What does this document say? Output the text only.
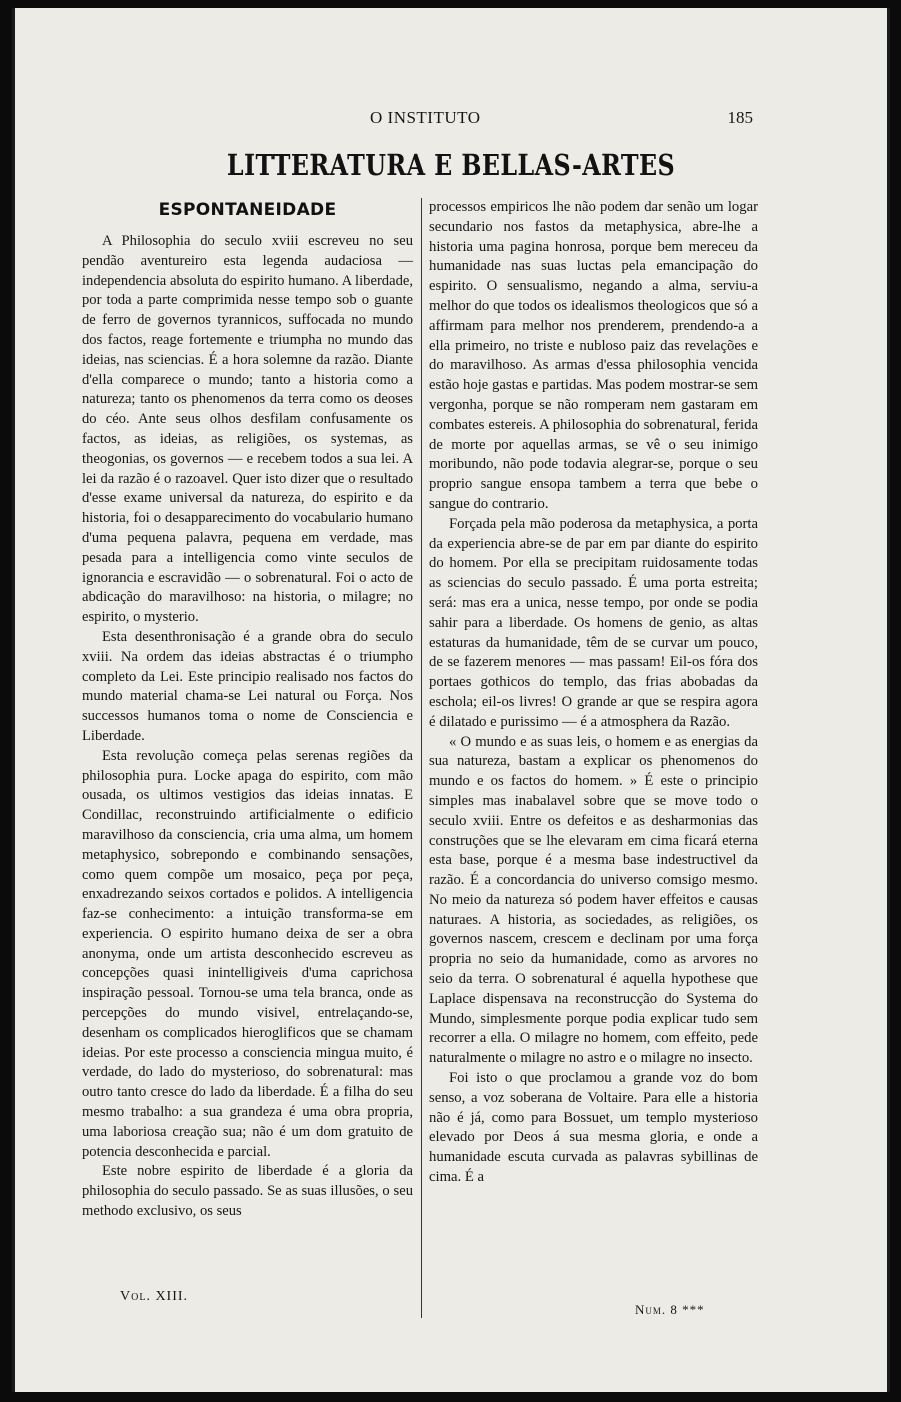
O INSTITUTO	185
LITTERATURA E BELLAS-ARTES
ESPONTANEIDADE

A Philosophia do seculo xviii escreveu no seu pendão aventureiro esta legenda audaciosa — independencia absoluta do espirito humano. A liberdade, por toda a parte comprimida nesse tempo sob o guante de ferro de governos tyrannicos, suffocada no mundo dos factos, reage fortemente e triumpha no mundo das ideias, nas sciencias. É a hora solemne da razão. Diante d'ella comparece o mundo; tanto a historia como a natureza; tanto os phenomenos da terra como os deoses do céo. Ante seus olhos desfilam confusamente os factos, as ideias, as religiões, os systemas, as theogonias, os governos — e recebem todos a sua lei. A lei da razão é o razoavel. Quer isto dizer que o resultado d'esse exame universal da natureza, do espirito e da historia, foi o desapparecimento do vocabulario humano d'uma pequena palavra, pequena em verdade, mas pesada para a intelligencia como vinte seculos de ignorancia e escravidão — o sobrenatural. Foi o acto de abdicação do maravilhoso: na historia, o milagre; no espirito, o mysterio.

Esta desenthronisação é a grande obra do seculo xviii. Na ordem das ideias abstractas é o triumpho completo da Lei. Este principio realisado nos factos do mundo material chama-se Lei natural ou Força. Nos successos humanos toma o nome de Consciencia e Liberdade.

Esta revolução começa pelas serenas regiões da philosophia pura. Locke apaga do espirito, com mão ousada, os ultimos vestigios das ideias innatas. E Condillac, reconstruindo artificialmente o edificio maravilhoso da consciencia, cria uma alma, um homem metaphysico, sobrepondo e combinando sensações, como quem compõe um mosaico, peça por peça, enxadrezando seixos cortados e polidos. A intelligencia faz-se conhecimento: a intuição transforma-se em experiencia. O espirito humano deixa de ser a obra anonyma, onde um artista desconhecido escreveu as concepções quasi inintelligiveis d'uma caprichosa inspiração pessoal. Tornou-se uma tela branca, onde as percepções do mundo visivel, entrelaçando-se, desenham os complicados hieroglificos que se chamam ideias. Por este processo a consciencia mingua muito, é verdade, do lado do mysterioso, do sobrenatural: mas outro tanto cresce do lado da liberdade. É a filha do seu mesmo trabalho: a sua grandeza é uma obra propria, uma laboriosa creação sua; não é um dom gratuito de potencia desconhecida e parcial.

Este nobre espirito de liberdade é a gloria da philosophia do seculo passado. Se as suas illusões, o seu methodo exclusivo, os seus

processos empiricos lhe não podem dar senão um logar secundario nos fastos da metaphysica, abre-lhe a historia uma pagina honrosa, porque bem mereceu da humanidade nas suas luctas pela emancipação do espirito. O sensualismo, negando a alma, serviu-a melhor do que todos os idealismos theologicos que só a affirmam para melhor nos prenderem, prendendo-a a ella primeiro, no triste e nubloso paiz das revelações e do maravilhoso. As armas d'essa philosophia vencida estão hoje gastas e partidas. Mas podem mostrar-se sem vergonha, porque se não romperam nem gastaram em combates estereis. A philosophia do sobrenatural, ferida de morte por aquellas armas, se vê o seu inimigo moribundo, não pode todavia alegrar-se, porque o seu proprio sangue ensopa tambem a terra que bebe o sangue do contrario.

Forçada pela mão poderosa da metaphysica, a porta da experiencia abre-se de par em par diante do espirito do homem. Por ella se precipitam ruidosamente todas as sciencias do seculo passado. É uma porta estreita; será: mas era a unica, nesse tempo, por onde se podia sahir para a liberdade. Os homens de genio, as altas estaturas da humanidade, têm de se curvar um pouco, de se fazerem menores — mas passam! Eil-os fóra dos portaes gothicos do templo, das frias abobadas da eschola; eil-os livres! O grande ar que se respira agora é dilatado e purissimo — é a atmosphera da Razão.

« O mundo e as suas leis, o homem e as energias da sua natureza, bastam a explicar os phenomenos do mundo e os factos do homem. » É este o principio simples mas inabalavel sobre que se move todo o seculo xviii. Entre os defeitos e as desharmonias das construções que se lhe elevaram em cima ficará eterna esta base, porque é a mesma base indestructivel da razão. É a concordancia do universo comsigo mesmo. No meio da natureza só podem haver effeitos e causas naturaes. A historia, as sociedades, as religiões, os governos nascem, crescem e declinam por uma força propria no seio da humanidade, como as arvores no seio da terra. O sobrenatural é aquella hypothese que Laplace dispensava na reconstrucção do Systema do Mundo, simplesmente porque podia explicar tudo sem recorrer a ella. O milagre no homem, com effeito, pede naturalmente o milagre no astro e o milagre no insecto.

Foi isto o que proclamou a grande voz do bom senso, a voz soberana de Voltaire. Para elle a historia não é já, como para Bossuet, um templo mysterioso elevado por Deos á sua mesma gloria, e onde a humanidade escuta curvada as palavras sybillinas de cima. É a

Vol. XIII.
Num. 8 ***
